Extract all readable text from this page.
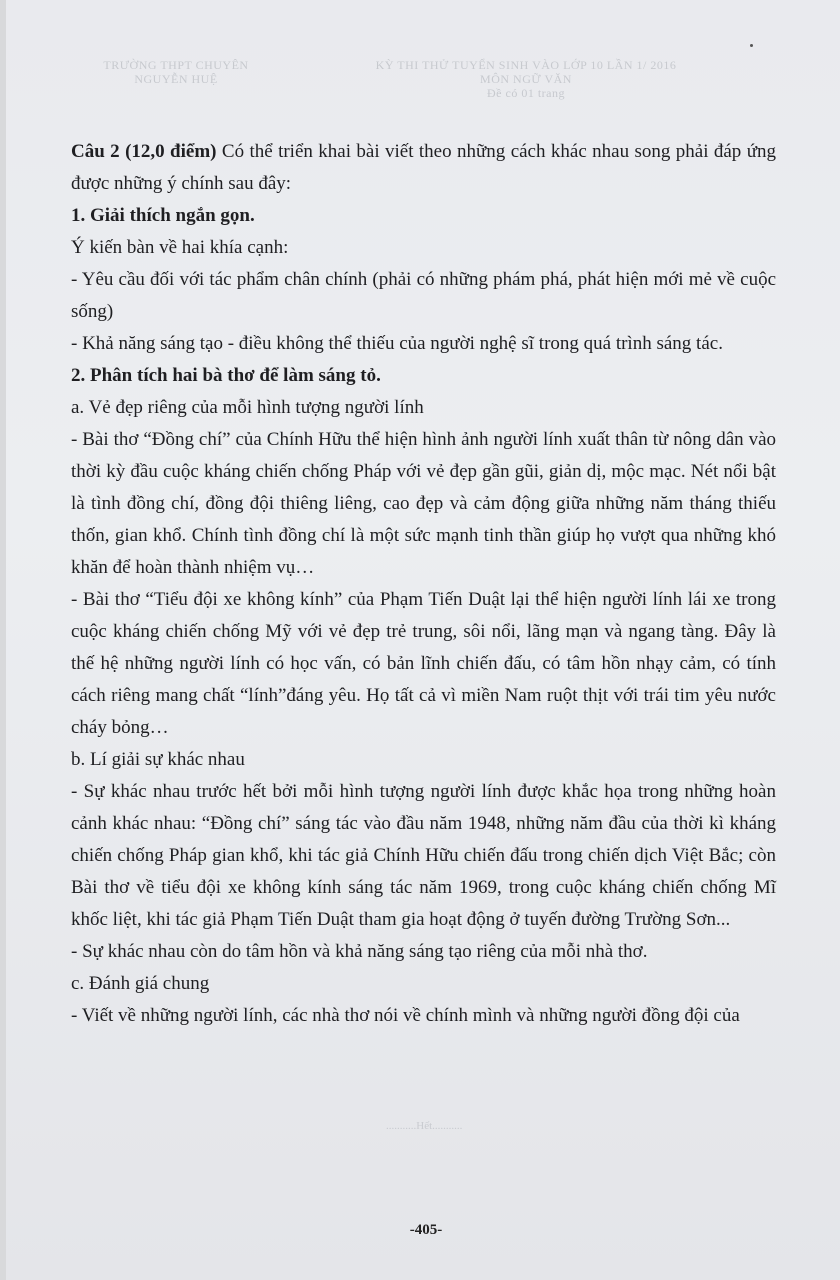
TRƯỜNG THPT CHUYÊN
NGUYỄN HUỆ
KỲ THI THỬ TUYỂN SINH VÀO LỚP 10 LẦN 1/ 2016
MÔN NGỮ VĂN
Đề có 01 trang

Câu 2 (12,0 điểm) Có thể triển khai bài viết theo những cách khác nhau song phải đáp ứng được những ý chính sau đây:

1. Giải thích ngắn gọn.

Ý kiến bàn về hai khía cạnh:

- Yêu cầu đối với tác phẩm chân chính (phải có những phám phá, phát hiện mới mẻ về cuộc sống)

- Khả năng sáng tạo - điều không thể thiếu của người nghệ sĩ trong quá trình sáng tác.

2. Phân tích hai bà thơ để làm sáng tỏ.

a. Vẻ đẹp riêng của mỗi hình tượng người lính

- Bài thơ “Đồng chí” của Chính Hữu thể hiện hình ảnh người lính xuất thân từ nông dân vào thời kỳ đầu cuộc kháng chiến chống Pháp với vẻ đẹp gần gũi, giản dị, mộc mạc. Nét nổi bật là tình đồng chí, đồng đội thiêng liêng, cao đẹp và cảm động giữa những năm tháng thiếu thốn, gian khổ. Chính tình đồng chí là một sức mạnh tinh thần giúp họ vượt qua những khó khăn để hoàn thành nhiệm vụ…

- Bài thơ “Tiểu đội xe không kính” của Phạm Tiến Duật lại thể hiện người lính lái xe trong cuộc kháng chiến chống Mỹ với vẻ đẹp trẻ trung, sôi nổi, lãng mạn và ngang tàng. Đây là thế hệ những người lính có học vấn, có bản lĩnh chiến đấu, có tâm hồn nhạy cảm, có tính cách riêng mang chất “lính”đáng yêu. Họ tất cả vì miền Nam ruột thịt với trái tim yêu nước cháy bỏng…

b. Lí giải sự khác nhau

- Sự khác nhau trước hết bởi mỗi hình tượng người lính được khắc họa trong những hoàn cảnh khác nhau: “Đồng chí” sáng tác vào đầu năm 1948, những năm đầu của thời kì kháng chiến chống Pháp gian khổ, khi tác giả Chính Hữu chiến đấu trong chiến dịch Việt Bắc; còn Bài thơ về tiểu đội xe không kính sáng tác năm 1969, trong cuộc kháng chiến chống Mĩ khốc liệt, khi tác giả Phạm Tiến Duật tham gia hoạt động ở tuyến đường Trường Sơn...

- Sự khác nhau còn do tâm hồn và khả năng sáng tạo riêng của mỗi nhà thơ.

c. Đánh giá chung

- Viết về những người lính, các nhà thơ nói về chính mình và những người đồng đội của

...........Hết...........
-405-
